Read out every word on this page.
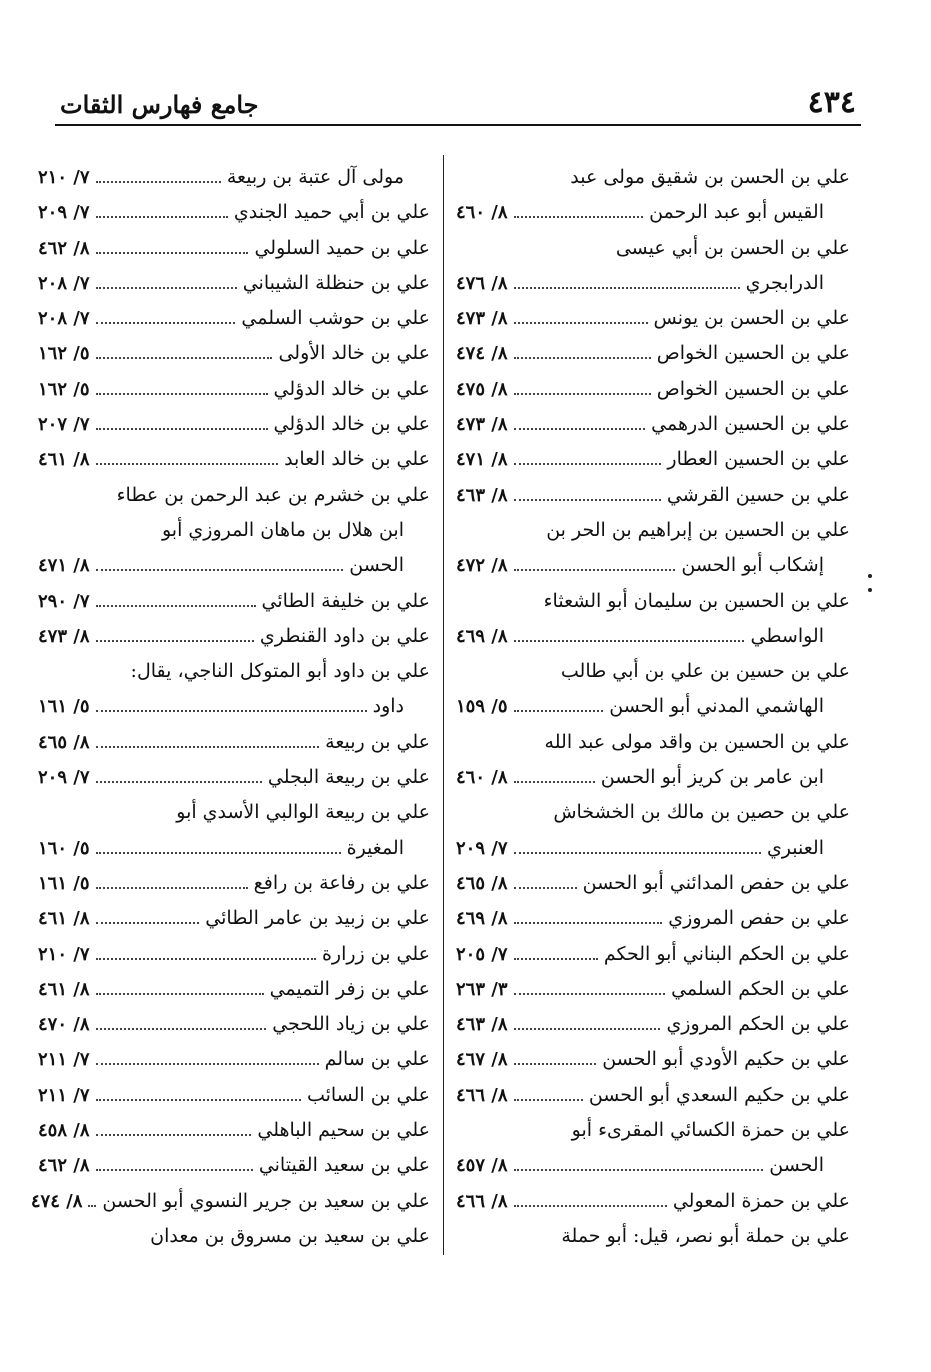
٤٣٤
جامع فهارس الثقات
علي بن الحسن بن شقيق مولى عبد
القيس أبو عبد الرحمن
٨/ ٤٦٠
علي بن الحسن بن أبي عيسى
الدرابجري
٨/ ٤٧٦
علي بن الحسن بن يونس
٨/ ٤٧٣
علي بن الحسين الخواص
٨/ ٤٧٤
علي بن الحسين الخواص
٨/ ٤٧٥
علي بن الحسين الدرهمي
٨/ ٤٧٣
علي بن الحسين العطار
٨/ ٤٧١
علي بن حسين القرشي
٨/ ٤٦٣
علي بن الحسين بن إبراهيم بن الحر بن
إشكاب أبو الحسن
٨/ ٤٧٢
علي بن الحسين بن سليمان أبو الشعثاء
الواسطي
٨/ ٤٦٩
علي بن حسين بن علي بن أبي طالب
الهاشمي المدني أبو الحسن
٥/ ١٥٩
علي بن الحسين بن واقد مولى عبد الله
ابن عامر بن كريز أبو الحسن
٨/ ٤٦٠
علي بن حصين بن مالك بن الخشخاش
العنبري
٧/ ٢٠٩
علي بن حفص المدائني أبو الحسن
٨/ ٤٦٥
علي بن حفص المروزي
٨/ ٤٦٩
علي بن الحكم البناني أبو الحكم
٧/ ٢٠٥
علي بن الحكم السلمي
٣/ ٢٦٣
علي بن الحكم المروزي
٨/ ٤٦٣
علي بن حكيم الأودي أبو الحسن
٨/ ٤٦٧
علي بن حكيم السعدي أبو الحسن
٨/ ٤٦٦
علي بن حمزة الكسائي المقرىء أبو
الحسن
٨/ ٤٥٧
علي بن حمزة المعولي
٨/ ٤٦٦
علي بن حملة أبو نصر، قيل: أبو حملة
مولى آل عتبة بن ربيعة
٧/ ٢١٠
علي بن أبي حميد الجندي
٧/ ٢٠٩
علي بن حميد السلولي
٨/ ٤٦٢
علي بن حنظلة الشيباني
٧/ ٢٠٨
علي بن حوشب السلمي
٧/ ٢٠٨
علي بن خالد الأولى
٥/ ١٦٢
علي بن خالد الدؤلي
٥/ ١٦٢
علي بن خالد الدؤلي
٧/ ٢٠٧
علي بن خالد العابد
٨/ ٤٦١
علي بن خشرم بن عبد الرحمن بن عطاء
ابن هلال بن ماهان المروزي أبو
الحسن
٨/ ٤٧١
علي بن خليفة الطائي
٧/ ٢٩٠
علي بن داود القنطري
٨/ ٤٧٣
علي بن داود أبو المتوكل الناجي، يقال:
داود
٥/ ١٦١
علي بن ربيعة
٨/ ٤٦٥
علي بن ربيعة البجلي
٧/ ٢٠٩
علي بن ربيعة الوالبي الأسدي أبو
المغيرة
٥/ ١٦٠
علي بن رفاعة بن رافع
٥/ ١٦١
علي بن زبيد بن عامر الطائي
٨/ ٤٦١
علي بن زرارة
٧/ ٢١٠
علي بن زفر التميمي
٨/ ٤٦١
علي بن زياد اللحجي
٨/ ٤٧٠
علي بن سالم
٧/ ٢١١
علي بن السائب
٧/ ٢١١
علي بن سحيم الباهلي
٨/ ٤٥٨
علي بن سعيد القيتاني
٨/ ٤٦٢
علي بن سعيد بن جرير النسوي أبو الحسن
٨/ ٤٧٤
علي بن سعيد بن مسروق بن معدان
